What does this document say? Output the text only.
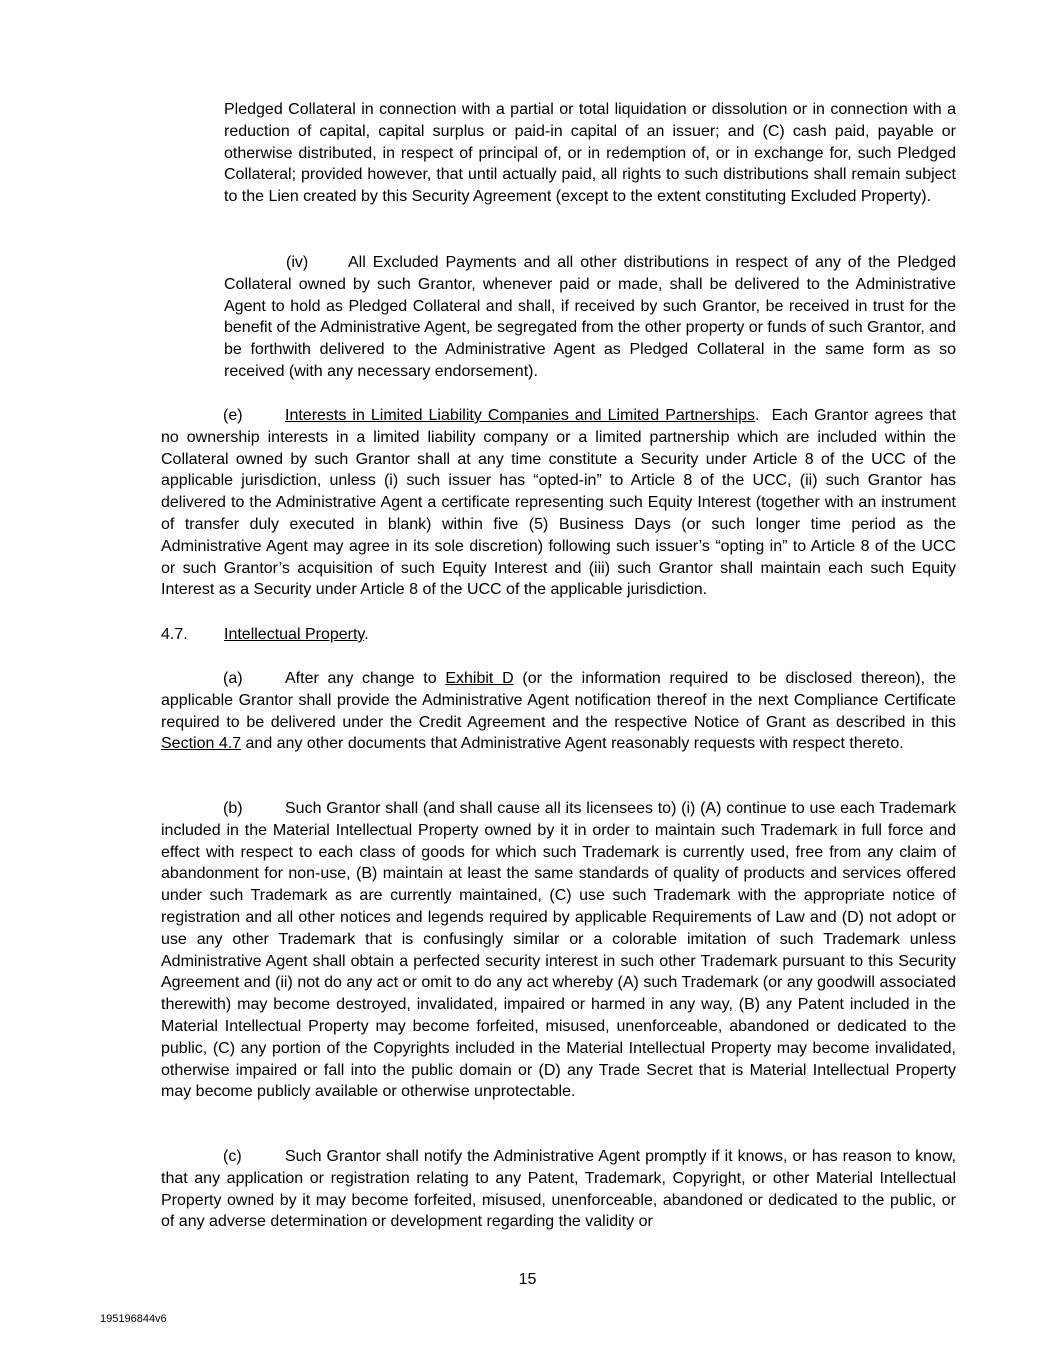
Pledged Collateral in connection with a partial or total liquidation or dissolution or in connection with a reduction of capital, capital surplus or paid-in capital of an issuer; and (C) cash paid, payable or otherwise distributed, in respect of principal of, or in redemption of, or in exchange for, such Pledged Collateral; provided however, that until actually paid, all rights to such distributions shall remain subject to the Lien created by this Security Agreement (except to the extent constituting Excluded Property).

(iv) All Excluded Payments and all other distributions in respect of any of the Pledged Collateral owned by such Grantor, whenever paid or made, shall be delivered to the Administrative Agent to hold as Pledged Collateral and shall, if received by such Grantor, be received in trust for the benefit of the Administrative Agent, be segregated from the other property or funds of such Grantor, and be forthwith delivered to the Administrative Agent as Pledged Collateral in the same form as so received (with any necessary endorsement).

(e)	Interests in Limited Liability Companies and Limited Partnerships. Each Grantor agrees that no ownership interests in a limited liability company or a limited partnership which are included within the Collateral owned by such Grantor shall at any time constitute a Security under Article 8 of the UCC of the applicable jurisdiction, unless (i) such issuer has “opted-in” to Article 8 of the UCC, (ii) such Grantor has delivered to the Administrative Agent a certificate representing such Equity Interest (together with an instrument of transfer duly executed in blank) within five (5) Business Days (or such longer time period as the Administrative Agent may agree in its sole discretion) following such issuer’s “opting in” to Article 8 of the UCC or such Grantor’s acquisition of such Equity Interest and (iii) such Grantor shall maintain each such Equity Interest as a Security under Article 8 of the UCC of the applicable jurisdiction.

4.7. Intellectual Property.

(a)	After any change to Exhibit D (or the information required to be disclosed thereon), the applicable Grantor shall provide the Administrative Agent notification thereof in the next Compliance Certificate required to be delivered under the Credit Agreement and the respective Notice of Grant as described in this Section 4.7 and any other documents that Administrative Agent reasonably requests with respect thereto.

(b)	Such Grantor shall (and shall cause all its licensees to) (i) (A) continue to use each Trademark included in the Material Intellectual Property owned by it in order to maintain such Trademark in full force and effect with respect to each class of goods for which such Trademark is currently used, free from any claim of abandonment for non-use, (B) maintain at least the same standards of quality of products and services offered under such Trademark as are currently maintained, (C) use such Trademark with the appropriate notice of registration and all other notices and legends required by applicable Requirements of Law and (D) not adopt or use any other Trademark that is confusingly similar or a colorable imitation of such Trademark unless Administrative Agent shall obtain a perfected security interest in such other Trademark pursuant to this Security Agreement and (ii) not do any act or omit to do any act whereby (A) such Trademark (or any goodwill associated therewith) may become destroyed, invalidated, impaired or harmed in any way, (B) any Patent included in the Material Intellectual Property may become forfeited, misused, unenforceable, abandoned or dedicated to the public, (C) any portion of the Copyrights included in the Material Intellectual Property may become invalidated, otherwise impaired or fall into the public domain or (D) any Trade Secret that is Material Intellectual Property may become publicly available or otherwise unprotectable.

(c)	Such Grantor shall notify the Administrative Agent promptly if it knows, or has reason to know, that any application or registration relating to any Patent, Trademark, Copyright, or other Material Intellectual Property owned by it may become forfeited, misused, unenforceable, abandoned or dedicated to the public, or of any adverse determination or development regarding the validity or

15
195196844v6
